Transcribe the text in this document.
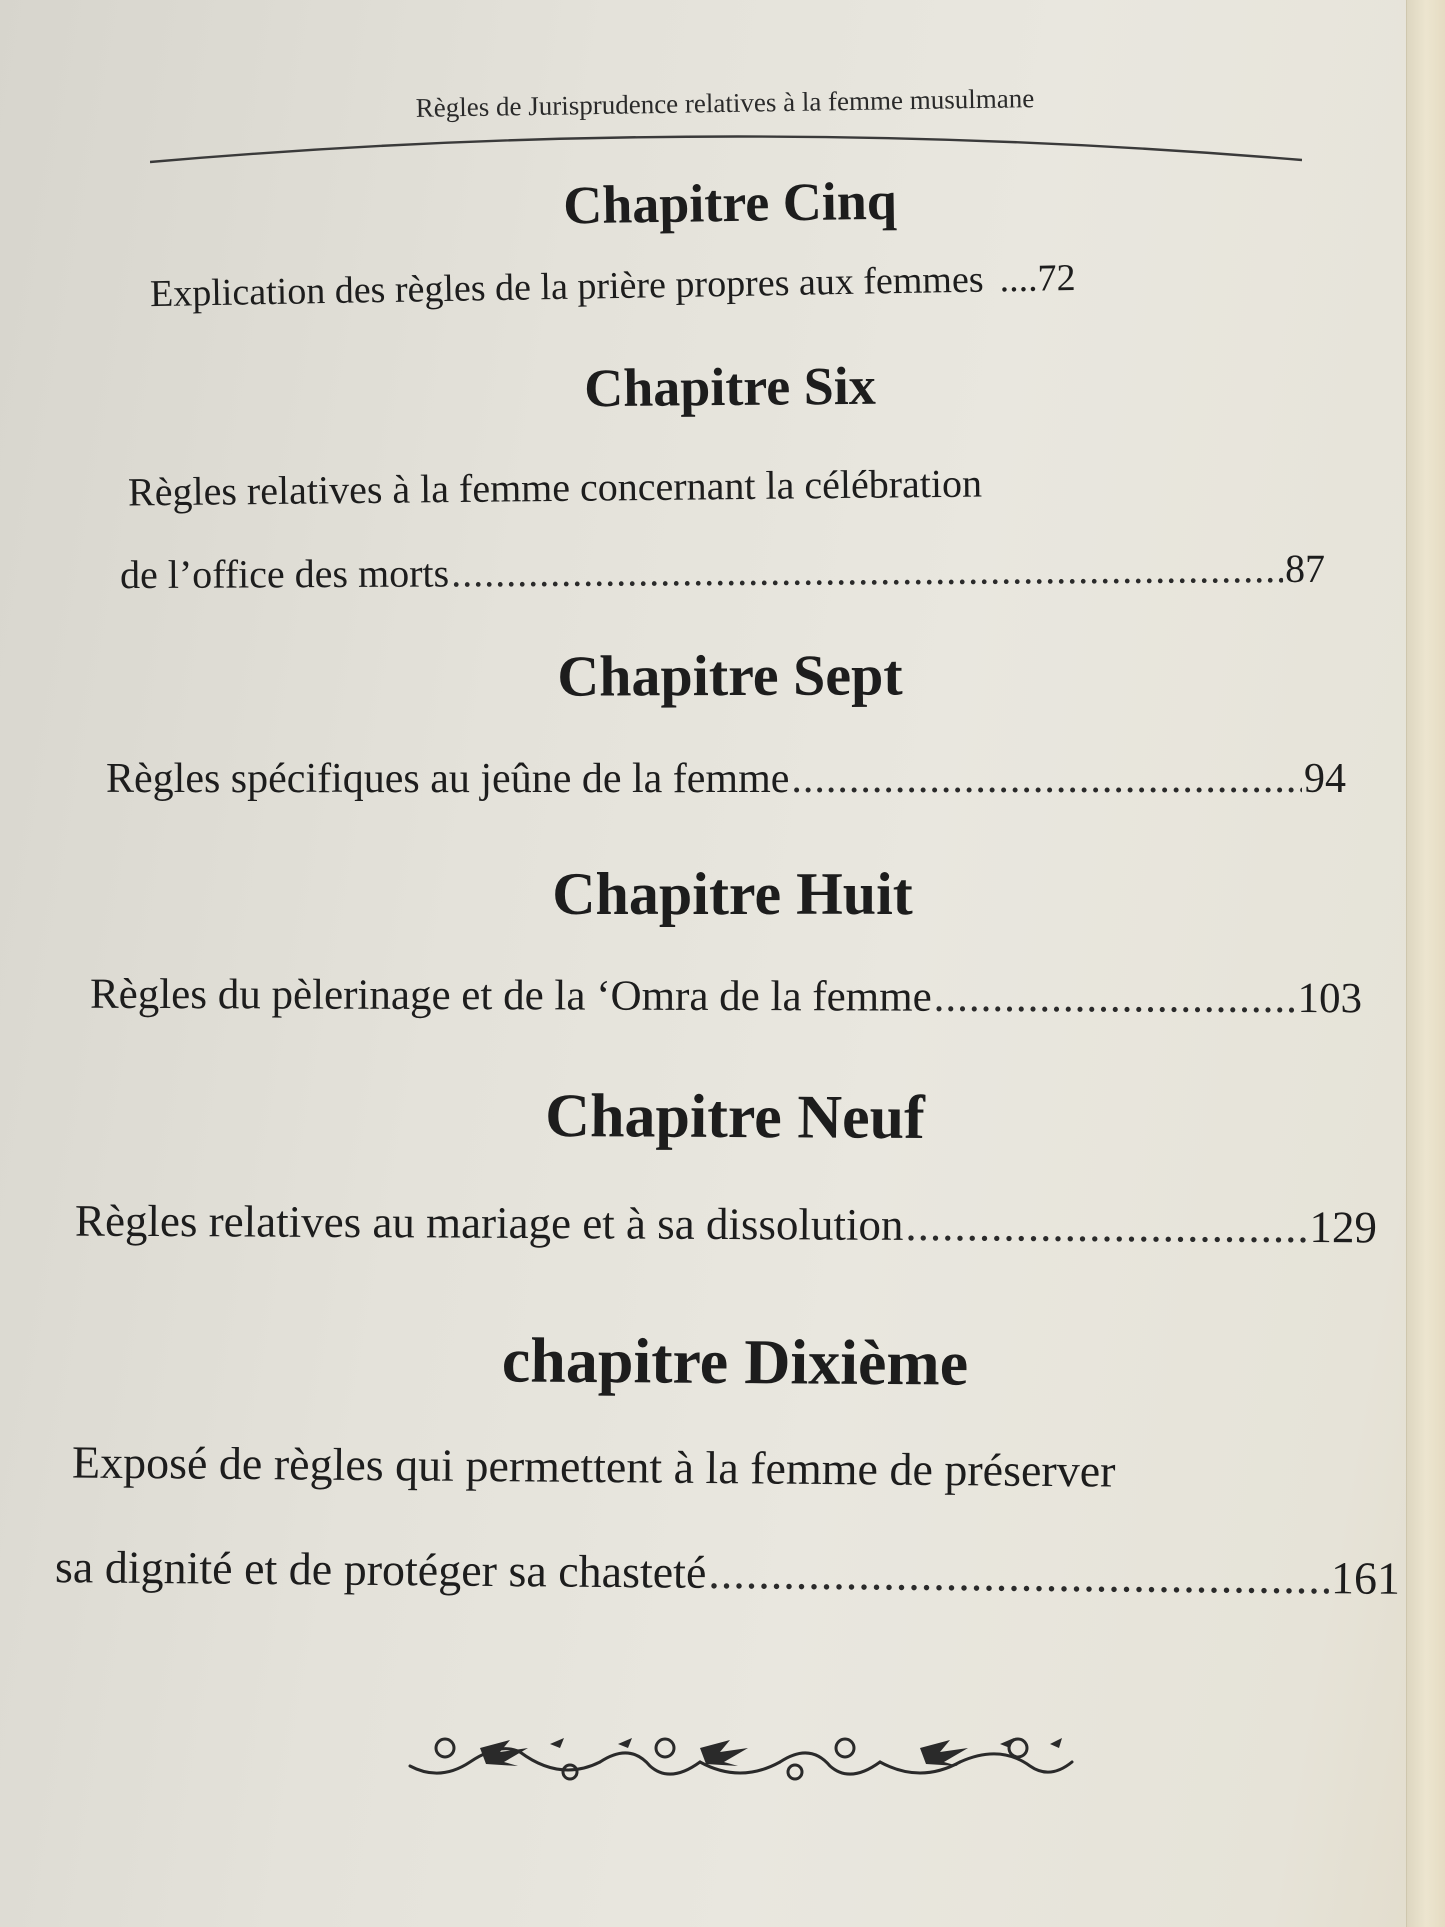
Règles de Jurisprudence relatives à la femme musulmane
Chapitre Cinq
Explication des règles de la prière propres aux femmes .... 72
Chapitre Six
Règles relatives à la femme concernant la célébration
de l’office des morts .....	87
Chapitre Sept
Règles spécifiques au jeûne de la femme .....	94
Chapitre Huit
Règles du pèlerinage et de la ‘Omra de la femme .....	103
Chapitre Neuf
Règles relatives au mariage et à sa dissolution .....	129
chapitre Dixième
Exposé de règles qui permettent à la femme de préserver
sa dignité et de protéger sa chasteté .....	161
